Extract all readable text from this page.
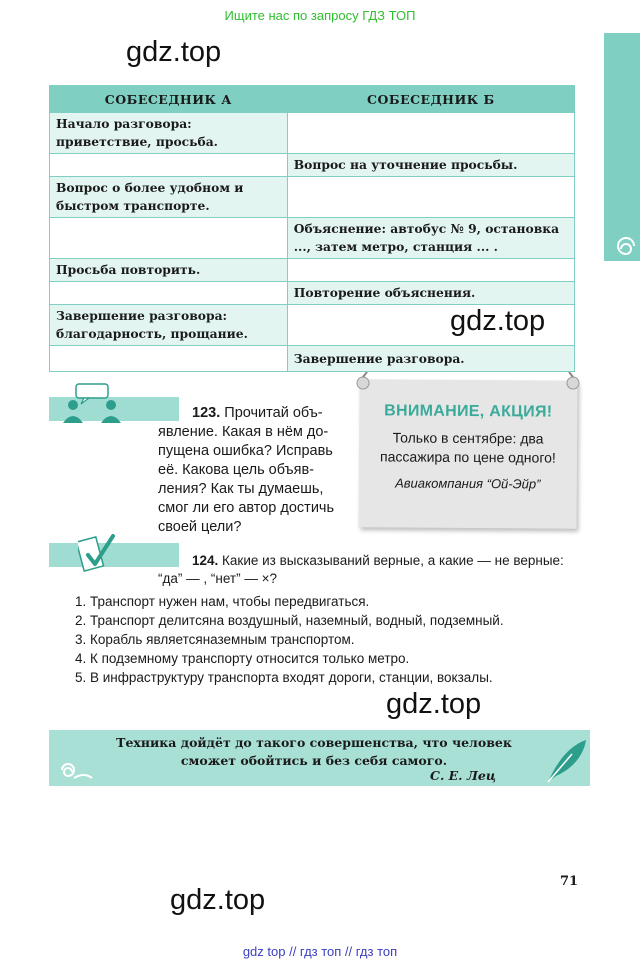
Ищите нас по запросу ГДЗ ТОП
gdz.top
gdz.top
gdz.top
gdz.top
СОБЕСЕДНИК А	СОБЕСЕДНИК Б
Начало разговора: приветствие, просьба.	
	Вопрос на уточнение просьбы.
Вопрос о более удобном и быстром транспорте.	
	Объяснение: автобус № 9, остановка ..., затем метро, станция ... .
Просьба повторить.	
	Повторение объяснения.
Завершение разговора: благодарность, прощание.	
	Завершение разговора.
123. Прочитай объ-
явление. Какая в нём до-
пущена ошибка? Исправь
её. Какова цель объяв-
ления? Как ты думаешь,
смог ли его автор достичь
своей цели?
ВНИМАНИЕ, АКЦИЯ!
Только в сентябре: два пассажира по цене одного!
Авиакомпания “Ой-Эйр”
124. Какие из высказываний верные, а какие — не верные:
“да” — , “нет” — ×?
1. Транспорт нужен нам, чтобы передвигаться.
2. Транспорт делитсяна воздушный, наземный, водный, подземный.
3. Корабль являетсяназемным транспортом.
4. К подземному транспорту относится только метро.
5. В инфраструктуру транспорта входят дороги, станции, вокзалы.
Техника дойдёт до такого совершенства, что человек сможет обойтись и без себя самого.
С. Е. Лец
71
gdz top // гдз топ // гдз топ
